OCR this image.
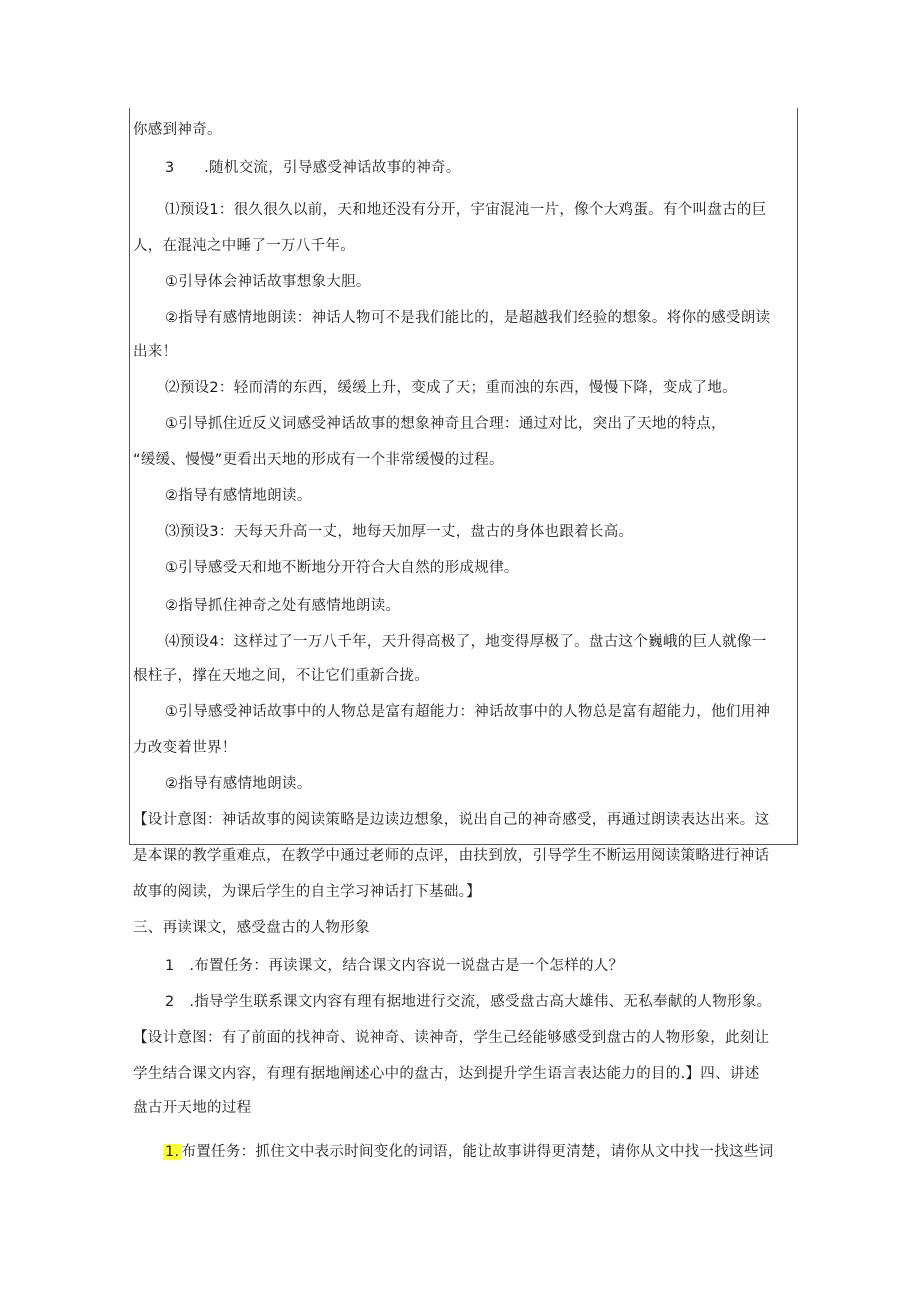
你感到神奇。
3　　.随机交流，引导感受神话故事的神奇。
⑴预设1：很久很久以前，天和地还没有分开，宇宙混沌一片，像个大鸡蛋。有个叫盘古的巨
人，在混沌之中睡了一万八千年。
①引导体会神话故事想象大胆。
②指导有感情地朗读：神话人物可不是我们能比的，是超越我们经验的想象。将你的感受朗读
出来！
⑵预设2：轻而清的东西，缓缓上升，变成了天；重而浊的东西，慢慢下降，变成了地。
①引导抓住近反义词感受神话故事的想象神奇且合理：通过对比，突出了天地的特点，
“缓缓、慢慢”更看出天地的形成有一个非常缓慢的过程。
②指导有感情地朗读。
⑶预设3：天每天升高一丈，地每天加厚一丈，盘古的身体也跟着长高。
①引导感受天和地不断地分开符合大自然的形成规律。
②指导抓住神奇之处有感情地朗读。
⑷预设4：这样过了一万八千年，天升得高极了，地变得厚极了。盘古这个巍峨的巨人就像一
根柱子，撑在天地之间，不让它们重新合拢。
①引导感受神话故事中的人物总是富有超能力：神话故事中的人物总是富有超能力，他们用神
力改变着世界！
②指导有感情地朗读。
【设计意图：神话故事的阅读策略是边读边想象，说出自己的神奇感受，再通过朗读表达出来。这
是本课的教学重难点，在教学中通过老师的点评，由扶到放，引导学生不断运用阅读策略进行神话
故事的阅读，为课后学生的自主学习神话打下基础。】
三、再读课文，感受盘古的人物形象
1　.布置任务：再读课文，结合课文内容说一说盘古是一个怎样的人？
2　.指导学生联系课文内容有理有据地进行交流，感受盘古高大雄伟、无私奉献的人物形象。
【设计意图：有了前面的找神奇、说神奇、读神奇，学生己经能够感受到盘古的人物形象，此刻让
学生结合课文内容，有理有据地阐述心中的盘古，达到提升学生语言表达能力的目的.】四、讲述
盘古开天地的过程
1. 布置任务：抓住文中表示时间变化的词语，能让故事讲得更清楚，请你从文中找一找这些词
